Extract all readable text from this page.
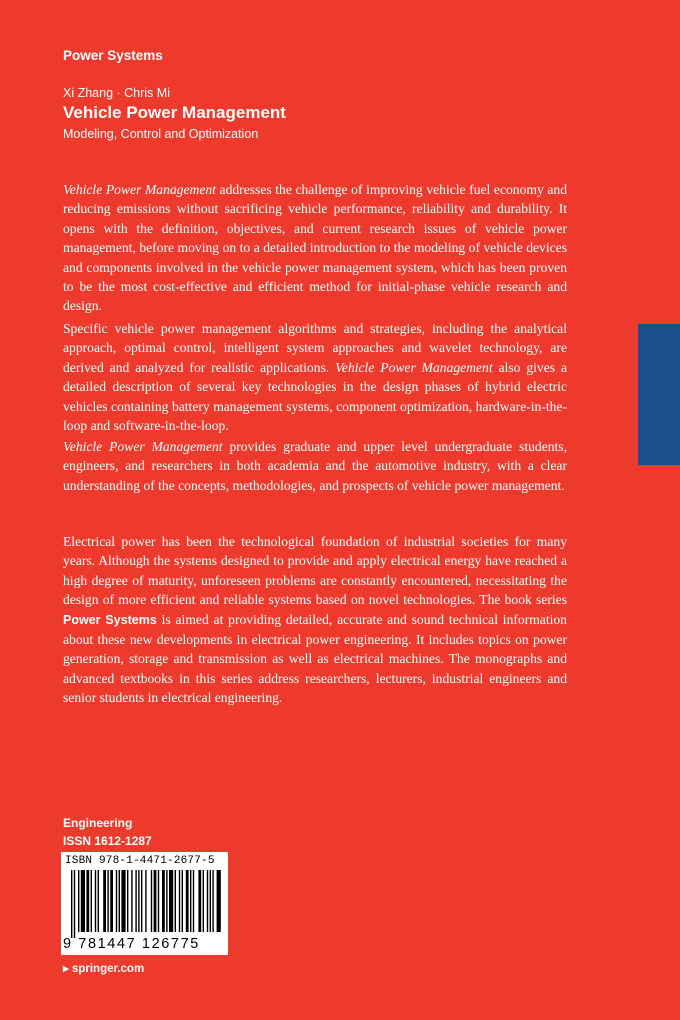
Power Systems
Xi Zhang · Chris Mi
Vehicle Power Management
Modeling, Control and Optimization

Vehicle Power Management addresses the challenge of improving vehicle fuel economy and reducing emissions without sacrificing vehicle performance, reliability and durability. It opens with the definition, objectives, and current research issues of vehicle power management, before moving on to a detailed introduction to the modeling of vehicle devices and components involved in the vehicle power management system, which has been proven to be the most cost-effective and efficient method for initial-phase vehicle research and design.

Specific vehicle power management algorithms and strategies, including the analytical approach, optimal control, intelligent system approaches and wavelet technology, are derived and analyzed for realistic applications. Vehicle Power Management also gives a detailed description of several key technologies in the design phases of hybrid electric vehicles containing battery management systems, component optimization, hardware-in-the-loop and software-in-the-loop.

Vehicle Power Management provides graduate and upper level undergraduate students, engineers, and researchers in both academia and the automotive industry, with a clear understanding of the concepts, methodologies, and prospects of vehicle power management.

Electrical power has been the technological foundation of industrial societies for many years. Although the systems designed to provide and apply electrical energy have reached a high degree of maturity, unforeseen problems are constantly encountered, necessitating the design of more efficient and reliable systems based on novel technologies. The book series Power Systems is aimed at providing detailed, accurate and sound technical information about these new developments in electrical power engineering. It includes topics on power generation, storage and transmission as well as electrical machines. The monographs and advanced textbooks in this series address researchers, lecturers, industrial engineers and senior students in electrical engineering.

Engineering
ISSN 1612-1287
ISBN 978-1-4471-2677-5
9 781447 126775
▸ springer.com
